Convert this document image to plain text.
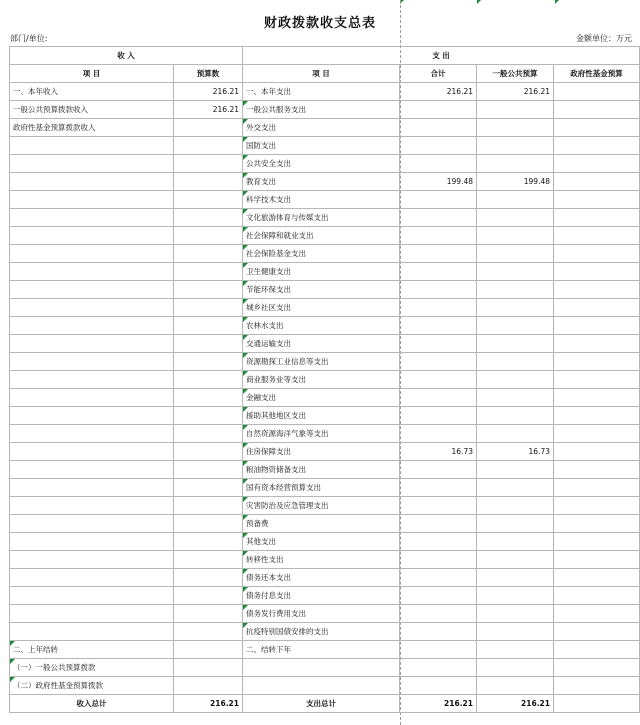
财政拨款收支总表
部门/单位:	金额单位：万元
收 入		支 出			
项 目	预算数	项 目	合计	一般公共预算	政府性基金预算
一、本年收入	216.21	一、本年支出	216.21	216.21	
一般公共预算拨款收入	216.21	一般公共服务支出			
政府性基金预算拨款收入		外交支出			
		国防支出			
		公共安全支出			
		教育支出	199.48	199.48	
		科学技术支出			
		文化旅游体育与传媒支出			
		社会保障和就业支出			
		社会保险基金支出			
		卫生健康支出			
		节能环保支出			
		城乡社区支出			
		农林水支出			
		交通运输支出			
		资源勘探工业信息等支出			
		商业服务业等支出			
		金融支出			
		援助其他地区支出			
		自然资源海洋气象等支出			
		住房保障支出	16.73	16.73	
		粮油物资储备支出			
		国有资本经营预算支出			
		灾害防治及应急管理支出			
		预备费			
		其他支出			
		转移性支出			
		债务还本支出			
		债务付息支出			
		债务发行费用支出			
		抗疫特别国债安排的支出			
二、上年结转		二、结转下年			
（一）一般公共预算拨款					
（二）政府性基金预算拨款					
收入总计	216.21	支出总计	216.21	216.21	
